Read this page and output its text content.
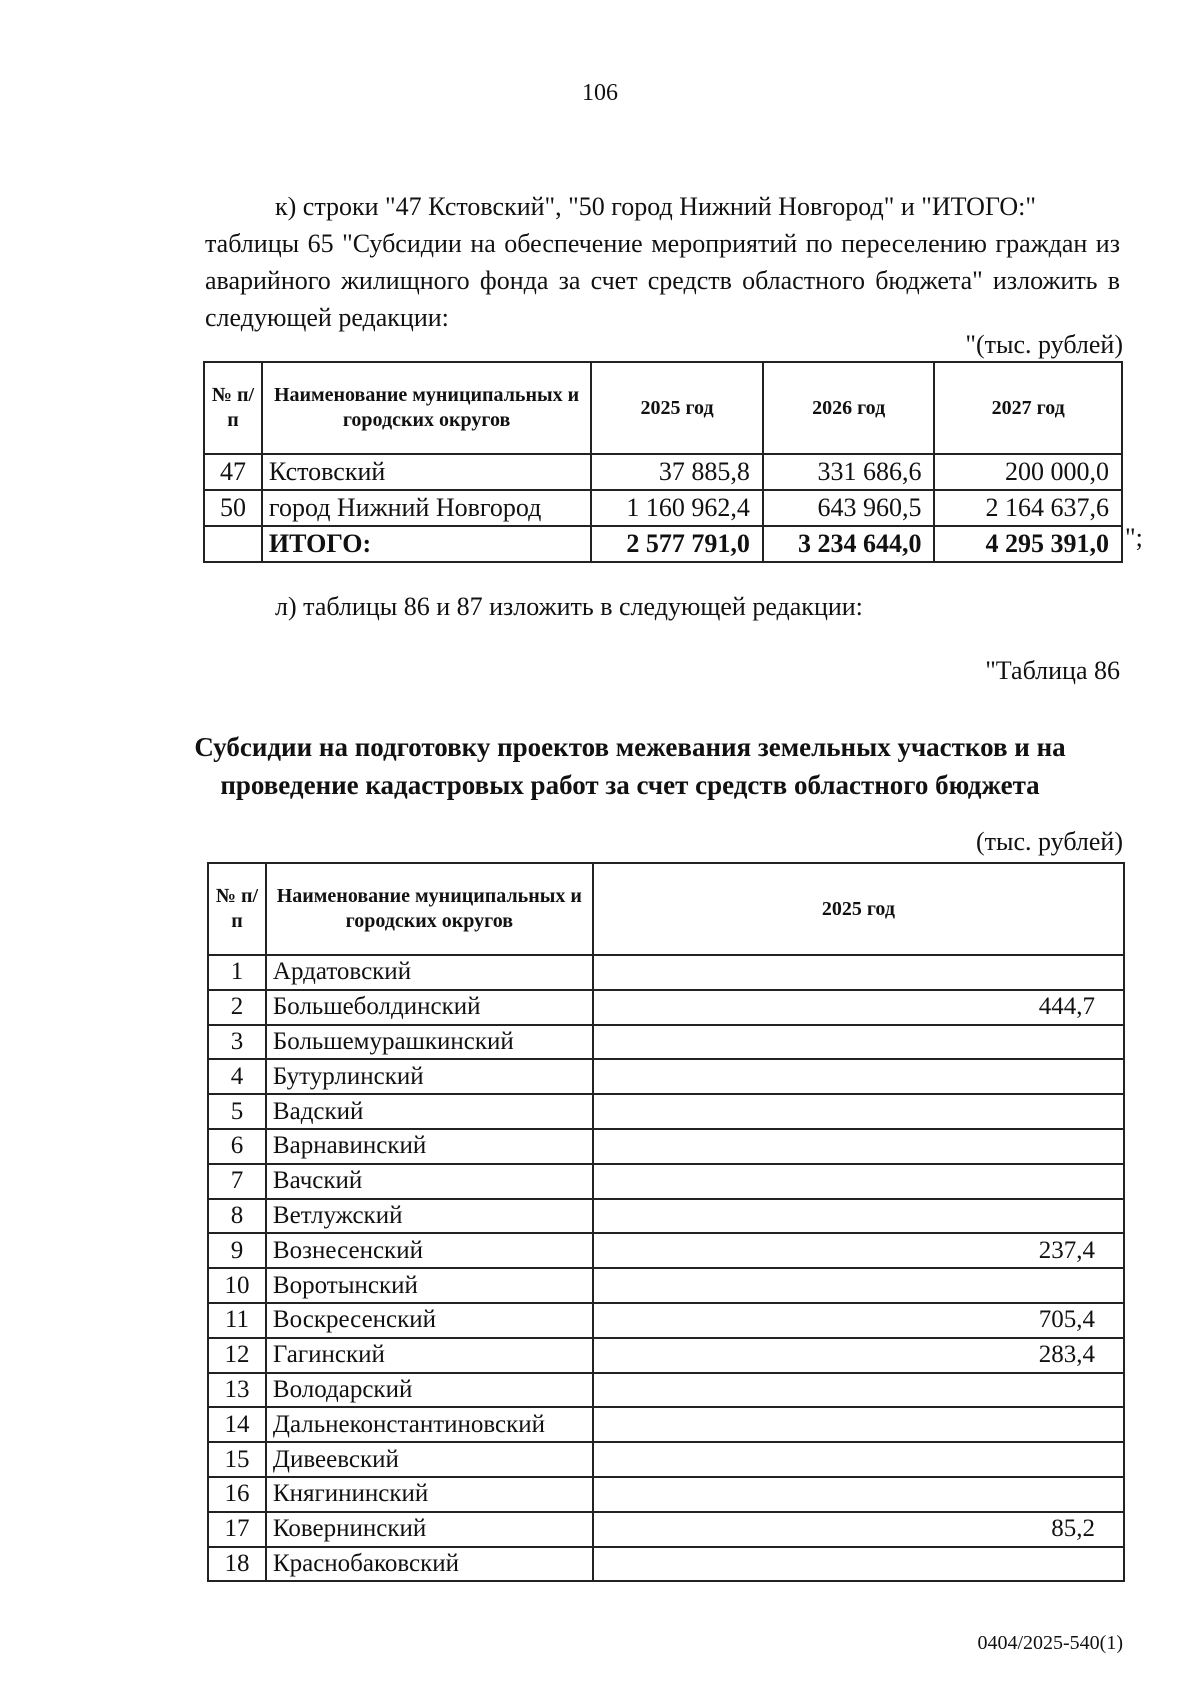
106
к) строки "47 Кстовский", "50 город Нижний Новгород" и "ИТОГО:"
таблицы 65 "Субсидии на обеспечение мероприятий по переселению граждан из аварийного жилищного фонда за счет средств областного бюджета" изложить в следующей редакции:
"(тыс. рублей)
№ п/п	Наименование муниципальных и городских округов	2025 год	2026 год	2027 год
47	Кстовский	37 885,8	331 686,6	200 000,0
50	город Нижний Новгород	1 160 962,4	643 960,5	2 164 637,6
	ИТОГО:	2 577 791,0	3 234 644,0	4 295 391,0 ";
л) таблицы 86 и 87 изложить в следующей редакции:
"Таблица 86
Субсидии на подготовку проектов межевания земельных участков и на проведение кадастровых работ за счет средств областного бюджета
(тыс. рублей)
№ п/п	Наименование муниципальных и городских округов	2025 год
1	Ардатовский	
2	Большеболдинский	444,7
3	Большемурашкинский	
4	Бутурлинский	
5	Вадский	
6	Варнавинский	
7	Вачский	
8	Ветлужский	
9	Вознесенский	237,4
10	Воротынский	
11	Воскресенский	705,4
12	Гагинский	283,4
13	Володарский	
14	Дальнеконстантиновский	
15	Дивеевский	
16	Княгининский	
17	Ковернинский	85,2
18	Краснобаковский	
0404/2025-540(1)
